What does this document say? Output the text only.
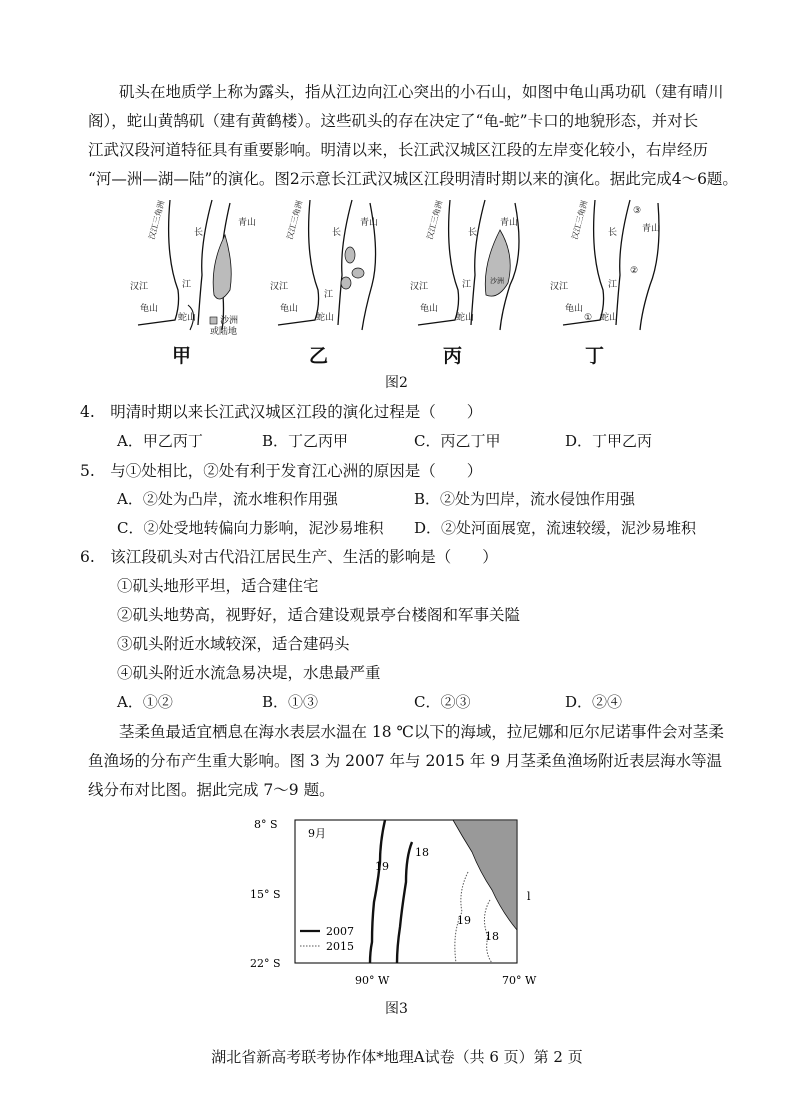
矶头在地质学上称为露头，指从江边向江心突出的小石山，如图中龟山禹功矶（建有晴川
阁），蛇山黄鹄矶（建有黄鹤楼）。这些矶头的存在决定了“龟-蛇”卡口的地貌形态，并对长
江武汉段河道特征具有重要影响。明清以来，长江武汉城区江段的左岸变化较小，右岸经历
“河—洲—湖—陆”的演化。图2示意长江武汉城区江段明清时期以来的演化。据此完成4～6题。
汉江三角洲	长
江
汉江
龟山
蛇山
青山
沙洲
或陆地
汉江三角洲	长
江
汉江
龟山
蛇山
青山	汉江三角洲	长
江
汉江
龟山
蛇山
青山
沙洲
汉江三角洲 长
江
汉江
龟山
蛇山
青山
①
②
③
甲	乙	丙	丁
图2
4.　明清时期以来长江武汉城区江段的演化过程是（　　）
A．甲乙丙丁	B．丁乙丙甲	C．丙乙丁甲	D．丁甲乙丙
5.　与①处相比，②处有利于发育江心洲的原因是（　　）
A．②处为凸岸，流水堆积作用强	B．②处为凹岸，流水侵蚀作用强
C．②处受地转偏向力影响，泥沙易堆积 D．②处河面展宽，流速较缓，泥沙易堆积
6.　该江段矶头对古代沿江居民生产、生活的影响是（　　）
①矶头地形平坦，适合建住宅
②矶头地势高，视野好，适合建设观景亭台楼阁和军事关隘
③矶头附近水域较深，适合建码头
④矶头附近水流急易决堤，水患最严重
A．①②	B．①③	C．②③	D．②④
茎柔鱼最适宜栖息在海水表层水温在 18 ℃以下的海域，拉尼娜和厄尔尼诺事件会对茎柔
鱼渔场的分布产生重大影响。图 3 为 2007 年与 2015 年 9 月茎柔鱼渔场附近表层海水等温
线分布对比图。据此完成 7～9 题。
9月
19
18
19
18
8° S
15° S
22° S
90° W	70° W
2007
2015
l
图3
湖北省新高考联考协作体*地理A试卷（共 6 页）第 2 页
